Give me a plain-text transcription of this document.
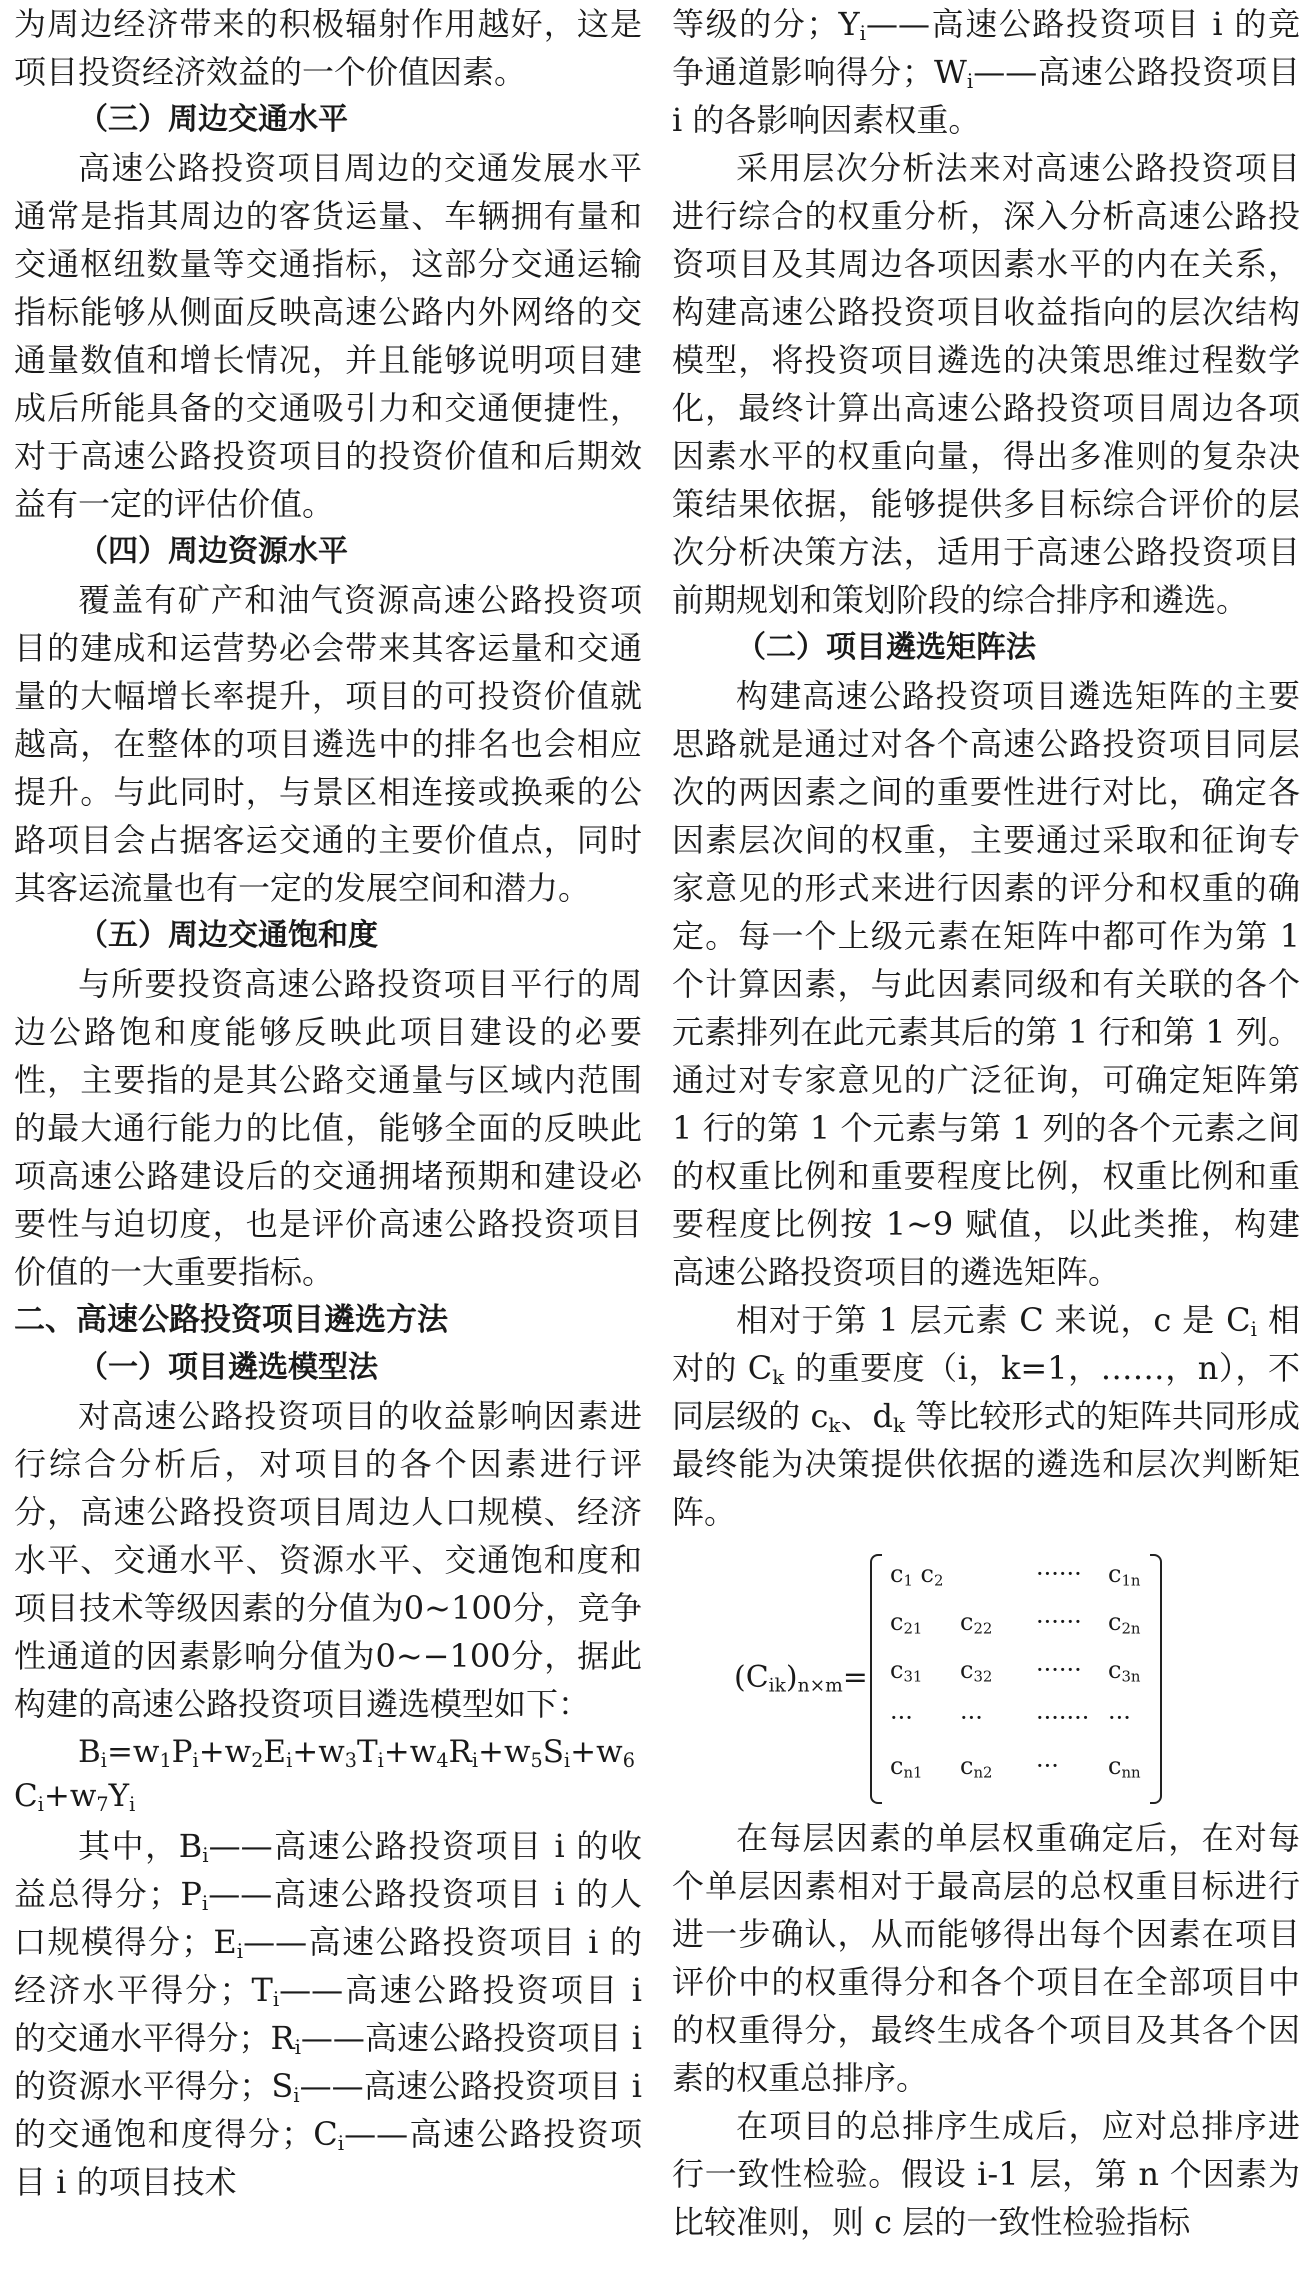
为周边经济带来的积极辐射作用越好，这是项目投资经济效益的一个价值因素。

（三）周边交通水平

高速公路投资项目周边的交通发展水平通常是指其周边的客货运量、车辆拥有量和交通枢纽数量等交通指标，这部分交通运输指标能够从侧面反映高速公路内外网络的交通量数值和增长情况，并且能够说明项目建成后所能具备的交通吸引力和交通便捷性，对于高速公路投资项目的投资价值和后期效益有一定的评估价值。

（四）周边资源水平

覆盖有矿产和油气资源高速公路投资项目的建成和运营势必会带来其客运量和交通量的大幅增长率提升，项目的可投资价值就越高，在整体的项目遴选中的排名也会相应提升。与此同时，与景区相连接或换乘的公路项目会占据客运交通的主要价值点，同时其客运流量也有一定的发展空间和潜力。

（五）周边交通饱和度

与所要投资高速公路投资项目平行的周边公路饱和度能够反映此项目建设的必要性，主要指的是其公路交通量与区域内范围的最大通行能力的比值，能够全面的反映此项高速公路建设后的交通拥堵预期和建设必要性与迫切度，也是评价高速公路投资项目价值的一大重要指标。

二、高速公路投资项目遴选方法

（一）项目遴选模型法

对高速公路投资项目的收益影响因素进行综合分析后，对项目的各个因素进行评分，高速公路投资项目周边人口规模、经济水平、交通水平、资源水平、交通饱和度和项目技术等级因素的分值为0~100分，竞争性通道的因素影响分值为0~−100分，据此构建的高速公路投资项目遴选模型如下：

$B_i=w_1P_i+w_2E_i+w_3T_i+w_4R_i+w_5S_i+w_6$
$C_i+w_7Y_i$

其中，$B_i——$高速公路投资项目 i 的收益总得分；$P_i——$高速公路投资项目 i 的人口规模得分；$E_i——$高速公路投资项目 i 的经济水平得分；$T_i——$高速公路投资项目 i 的交通水平得分；$R_i——$高速公路投资项目 i 的资源水平得分；$S_i——$高速公路投资项目 i 的交通饱和度得分；$C_i——$高速公路投资项目 i 的项目技术

等级的分；$Y_i——$高速公路投资项目 i 的竞争通道影响得分；$W_i——$高速公路投资项目 i 的各影响因素权重。

采用层次分析法来对高速公路投资项目进行综合的权重分析，深入分析高速公路投资项目及其周边各项因素水平的内在关系，构建高速公路投资项目收益指向的层次结构模型，将投资项目遴选的决策思维过程数学化，最终计算出高速公路投资项目周边各项因素水平的权重向量，得出多准则的复杂决策结果依据，能够提供多目标综合评价的层次分析决策方法，适用于高速公路投资项目前期规划和策划阶段的综合排序和遴选。

（二）项目遴选矩阵法

构建高速公路投资项目遴选矩阵的主要思路就是通过对各个高速公路投资项目同层次的两因素之间的重要性进行对比，确定各因素层次间的权重，主要通过采取和征询专家意见的形式来进行因素的评分和权重的确定。每一个上级元素在矩阵中都可作为第 1 个计算因素，与此因素同级和有关联的各个元素排列在此元素其后的第 1 行和第 1 列。通过对专家意见的广泛征询，可确定矩阵第 1 行的第 1 个元素与第 1 列的各个元素之间的权重比例和重要程度比例，权重比例和重要程度比例按 1~9 赋值，以此类推，构建高速公路投资项目的遴选矩阵。

相对于第 1 层元素 C 来说，c 是 $C_i$ 相对的 $C_k$ 的重要度（i，k=1，……，n），不同层级的 $c_k$、$d_k$ 等比较形式的矩阵共同形成最终能为决策提供依据的遴选和层次判断矩阵。

$(C_{ik})_{n\times m}=$
$c_1$ $c_2$	······ $c_{1n}$
$c_{21}$ $c_{22}$ ······ $c_{2n}$
$c_{31}$ $c_{32}$ ······ $c_{3n}$
··· ··· ······· ···
$c_{n1}$ $c_{n2}$ ··· $c_{nn}$

在每层因素的单层权重确定后，在对每个单层因素相对于最高层的总权重目标进行进一步确认，从而能够得出每个因素在项目评价中的权重得分和各个项目在全部项目中的权重得分，最终生成各个项目及其各个因素的权重总排序。

在项目的总排序生成后，应对总排序进行一致性检验。假设 i-1 层，第 n 个因素为比较准则，则 c 层的一致性检验指标
